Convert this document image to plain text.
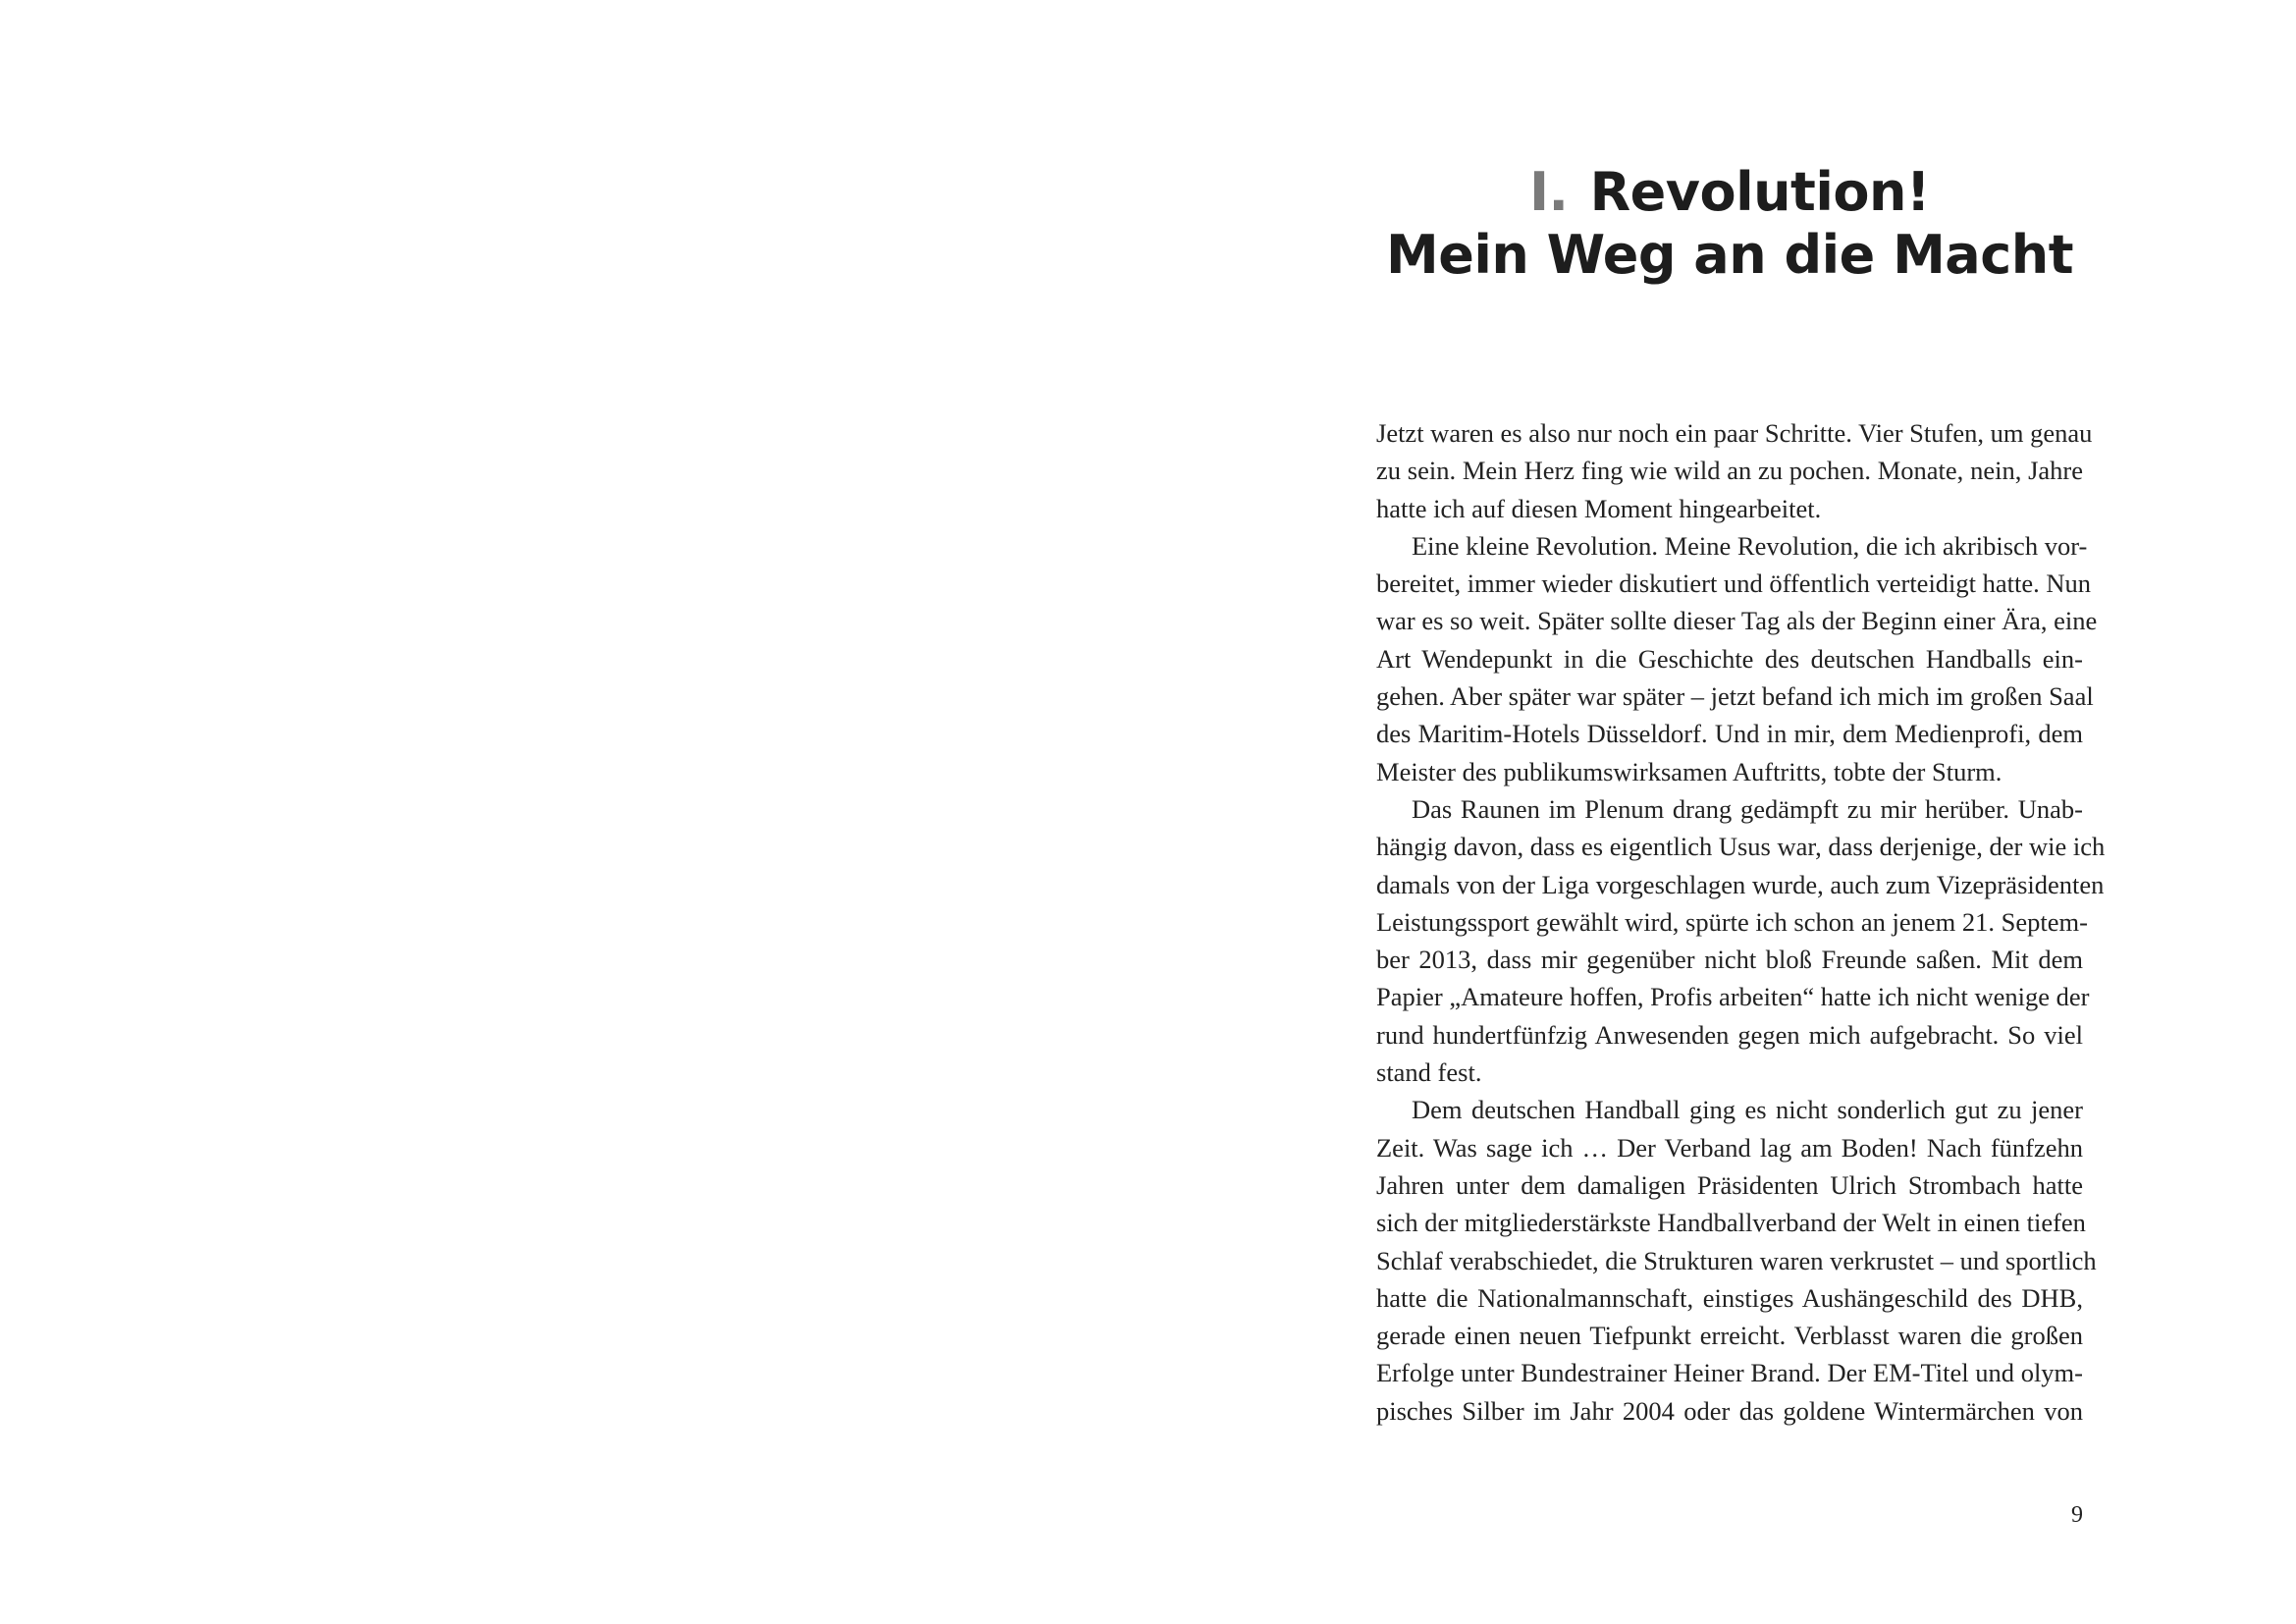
I. Revolution!
Mein Weg an die Macht
Jetzt waren es also nur noch ein paar Schritte. Vier Stufen, um genau
zu sein. Mein Herz fing wie wild an zu pochen. Monate, nein, Jahre
hatte ich auf diesen Moment hingearbeitet.
Eine kleine Revolution. Meine Revolution, die ich akribisch vor-
bereitet, immer wieder diskutiert und öffentlich verteidigt hatte. Nun
war es so weit. Später sollte dieser Tag als der Beginn einer Ära, eine
Art Wendepunkt in die Geschichte des deutschen Handballs ein-
gehen. Aber später war später – jetzt befand ich mich im großen Saal
des Maritim-Hotels Düsseldorf. Und in mir, dem Medienprofi, dem
Meister des publikumswirksamen Auftritts, tobte der Sturm.
Das Raunen im Plenum drang gedämpft zu mir herüber. Unab-
hängig davon, dass es eigentlich Usus war, dass derjenige, der wie ich
damals von der Liga vorgeschlagen wurde, auch zum Vizepräsidenten
Leistungssport gewählt wird, spürte ich schon an jenem 21. Septem-
ber 2013, dass mir gegenüber nicht bloß Freunde saßen. Mit dem
Papier „Amateure hoffen, Profis arbeiten“ hatte ich nicht wenige der
rund hundertfünfzig Anwesenden gegen mich aufgebracht. So viel
stand fest.
Dem deutschen Handball ging es nicht sonderlich gut zu jener
Zeit. Was sage ich … Der Verband lag am Boden! Nach fünfzehn
Jahren unter dem damaligen Präsidenten Ulrich Strombach hatte
sich der mitgliederstärkste Handballverband der Welt in einen tiefen
Schlaf verabschiedet, die Strukturen waren verkrustet – und sportlich
hatte die Nationalmannschaft, einstiges Aushängeschild des DHB,
gerade einen neuen Tiefpunkt erreicht. Verblasst waren die großen
Erfolge unter Bundestrainer Heiner Brand. Der EM-Titel und olym-
pisches Silber im Jahr 2004 oder das goldene Wintermärchen von
9
